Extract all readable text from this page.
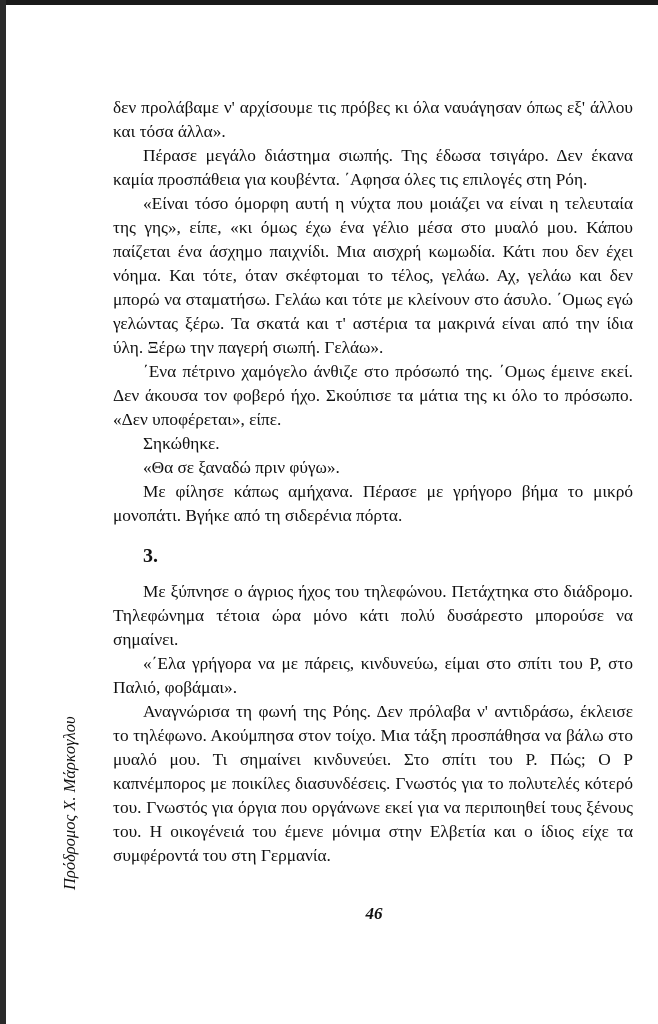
δεν προλάβαμε ν' αρχίσουμε τις πρόβες κι όλα ναυάγησαν όπως εξ' άλλου και τόσα άλλα».

Πέρασε μεγάλο διάστημα σιωπής. Της έδωσα τσιγάρο. Δεν έκανα καμία προσπάθεια για κουβέντα. ΄Αφησα όλες τις επιλογές στη Ρόη.

«Είναι τόσο όμορφη αυτή η νύχτα που μοιάζει να είναι η τελευταία της γης», είπε, «κι όμως έχω ένα γέλιο μέσα στο μυαλό μου. Κάπου παίζεται ένα άσχημο παιχνίδι. Μια αισχρή κωμωδία. Κάτι που δεν έχει νόημα. Και τότε, όταν σκέφτομαι το τέλος, γελάω. Αχ, γελάω και δεν μπορώ να σταματήσω. Γελάω και τότε με κλείνουν στο άσυλο. ΄Ομως εγώ γελώντας ξέρω. Τα σκατά και τ' αστέρια τα μακρινά είναι από την ίδια ύλη. Ξέρω την παγερή σιωπή. Γελάω».

΄Ενα πέτρινο χαμόγελο άνθιζε στο πρόσωπό της. ΄Ομως έμεινε εκεί. Δεν άκουσα τον φοβερό ήχο. Σκούπισε τα μάτια της κι όλο το πρόσωπο. «Δεν υποφέρεται», είπε.

Σηκώθηκε.

«Θα σε ξαναδώ πριν φύγω».

Με φίλησε κάπως αμήχανα. Πέρασε με γρήγορο βήμα το μικρό μονοπάτι. Βγήκε από τη σιδερένια πόρτα.

3.

Με ξύπνησε ο άγριος ήχος του τηλεφώνου. Πετάχτηκα στο διάδρομο. Τηλεφώνημα τέτοια ώρα μόνο κάτι πολύ δυσάρεστο μπορούσε να σημαίνει.

«΄Ελα γρήγορα να με πάρεις, κινδυνεύω, είμαι στο σπίτι του Ρ, στο Παλιό, φοβάμαι».

Αναγνώρισα τη φωνή της Ρόης. Δεν πρόλαβα ν' αντιδράσω, έκλεισε το τηλέφωνο. Ακούμπησα στον τοίχο. Μια τάξη προσπάθησα να βάλω στο μυαλό μου. Τι σημαίνει κινδυνεύει. Στο σπίτι του Ρ. Πώς; Ο Ρ καπνέμπορος με ποικίλες διασυνδέσεις. Γνωστός για το πολυτελές κότερό του. Γνωστός για όργια που οργάνωνε εκεί για να περιποιηθεί τους ξένους του. Η οικογένειά του έμενε μόνιμα στην Ελβετία και ο ίδιος είχε τα συμφέροντά του στη Γερμανία.

Πρόδρομος Χ. Μάρκογλου
46
